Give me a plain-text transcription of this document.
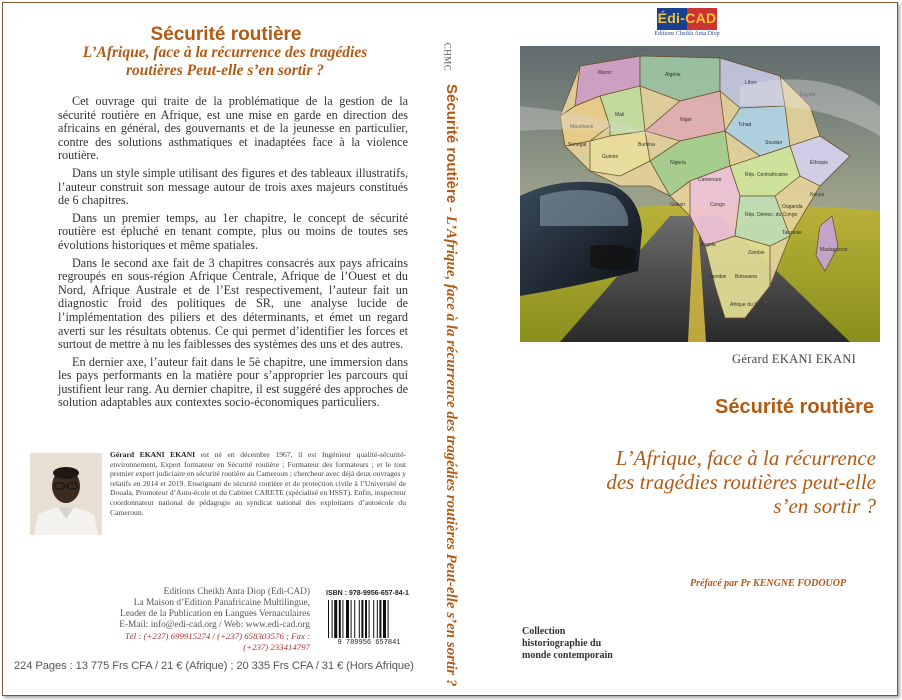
Sécurité routière
L’Afrique, face à la récurrence des tragédies routières Peut-elle s’en sortir ?

Cet ouvrage qui traite de la problématique de la gestion de la sécurité routière en Afrique, est une mise en garde en direction des africains en général, des gouvernants et de la jeunesse en particulier, contre des solutions asthmatiques et inadaptées face à la violence routière.

Dans un style simple utilisant des figures et des tableaux illustratifs, l’auteur construit son message autour de trois axes majeurs constitués de 6 chapitres.

Dans un premier temps, au 1er chapitre, le concept de sécurité routière est épluché en tenant compte, plus ou moins de toutes ses évolutions historiques et même spatiales.

Dans le second axe fait de 3 chapitres consacrés aux pays africains regroupés en sous-région Afrique Centrale, Afrique de l’Ouest et du Nord, Afrique Australe et de l’Est respectivement, l’auteur fait un diagnostic froid des politiques de SR, une analyse lucide de l’implémentation des piliers et des déterminants, et émet un regard averti sur les résultats obtenus. Ce qui permet d’identifier les forces et surtout de mettre à nu les faiblesses des systèmes des uns et des autres.

En dernier axe, l’auteur fait dans le 5è chapitre, une immersion dans les pays performants en la matière pour s’approprier les parcours qui justifient leur rang. Au dernier chapitre, il est suggéré des approches de solution adaptables aux contextes socio-économiques particuliers.

Gérard EKANI EKANI est né en décembre 1967, il est Ingénieur qualité-sécurité-environnement, Expert formateur en Sécurité routière ; Formateur des formateurs ; et le tout premier expert judiciaire en sécurité routière au Cameroun ; chercheur avec déjà deux ouvrages y relatifs en 2014 et 2019. Enseignant de sécurité routière et de protection civile à l’Université de Douala, Promoteur d’Auto-école et du Cabinet CARETE (spécialisé en HSST). Enfin, inspecteur coordonnateur national de pédagogie au syndicat national des exploitants d’autoécole du Cameroun.
Editions Cheikh Anta Diop (Edi-CAD)
La Maison d’Edition Panafricaine Multilingue,
Leader de la Publication en Langues Vernaculaires
E-Mail: info@edi-cad.org / Web: www.edi-cad.org
Tél : (+237) 699915274 / (+237) 658303576 ; Fax : (+237) 233414797
ISBN : 978-9956-657-84-1
9 789956 657841
224 Pages : 13 775 Frs CFA / 21 € (Afrique) ; 20 335 Frs CFA / 31 € (Hors Afrique)
CHMC
Sécurité routière - L’Afrique, face à la récurrence des tragédies routières Peut-elle s’en sortir ?
Édi-CAD
Editions Cheikh Anta Diop
Maroc	Algérie
Libye
Égypte
Mauritanie
Mali
Niger
Tchad
Soudan
Sénégal
Guinée
Burkina
Nigeria	Éthiopie
Cameroun
Rép. Centrafricaine
Gabon	Congo
Rép. Démoc. du Congo
Ouganda
Kenya
Tanzanie
Angola
Zambie
Namibie Botswana
Afrique du Sud
Madagascar
Gérard EKANI EKANI
Sécurité routière
L’Afrique, face à la récurrence des tragédies routières peut-elle s’en sortir ?
Préfacé par Pr KENGNE FODOUOP
Collection historiographie du monde contemporain
